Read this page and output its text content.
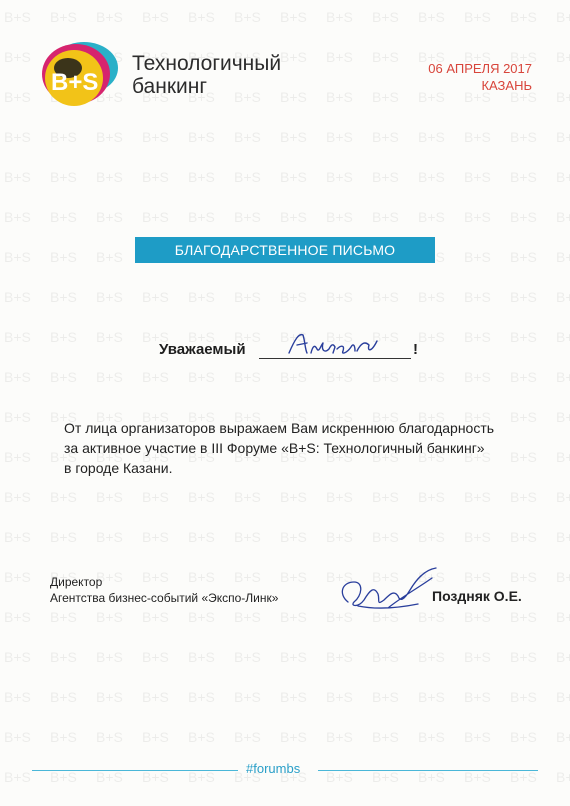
B+S
Технологичный
банкинг
06 АПРЕЛЯ 2017
КАЗАНЬ
БЛАГОДАРСТВЕННОЕ ПИСЬМО
Уважаемый	!
От лица организаторов выражаем Вам искреннюю благодарность
за активное участие в III Форуме «B+S: Технологичный банкинг»
в городе Казани.
Директор
Агентства бизнес-событий «Экспо-Линк»	Поздняк О.Е.
#forumbs
